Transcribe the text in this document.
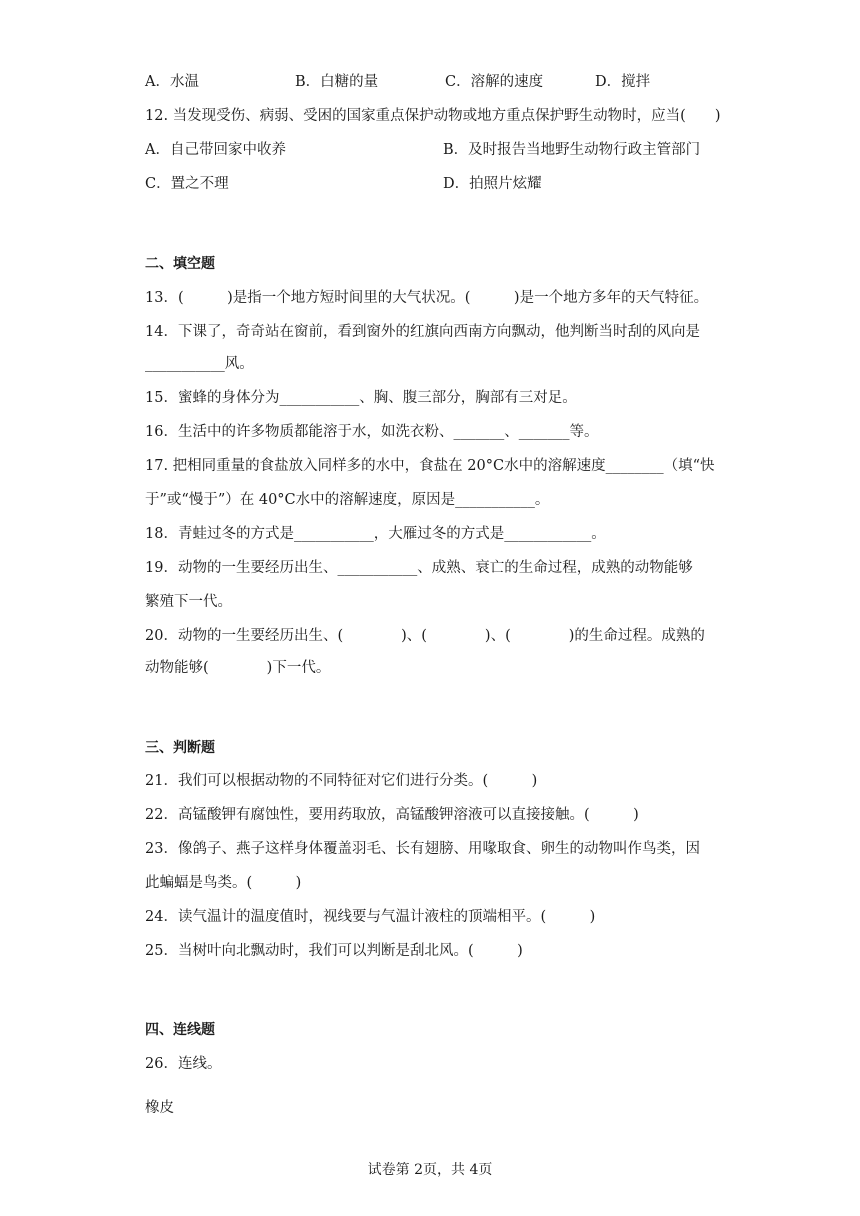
A．水温	B．白糖的量	C．溶解的速度	D．搅拌
12. 当发现受伤、病弱、受困的国家重点保护动物或地方重点保护野生动物时，应当(　　)
A．自己带回家中收养	B．及时报告当地野生动物行政主管部门
C．置之不理	D．拍照片炫耀
二、填空题
13．(　　　)是指一个地方短时间里的大气状况。(　　　)是一个地方多年的天气特征。
14．下课了，奇奇站在窗前，看到窗外的红旗向西南方向飘动，他判断当时刮的风向是
___________风。
15．蜜蜂的身体分为___________、胸、腹三部分，胸部有三对足。
16．生活中的许多物质都能溶于水，如洗衣粉、_______、_______等。
17. 把相同重量的食盐放入同样多的水中，食盐在 20°C水中的溶解速度________（填“快
于”或“慢于”）在 40°C水中的溶解速度，原因是___________。
18．青蛙过冬的方式是___________，大雁过冬的方式是____________。
19．动物的一生要经历出生、___________、成熟、衰亡的生命过程，成熟的动物能够
繁殖下一代。
20．动物的一生要经历出生、(　　　　)、(　　　　)、(　　　　)的生命过程。成熟的
动物能够(　　　　)下一代。
三、判断题
21．我们可以根据动物的不同特征对它们进行分类。(　　　)
22．高锰酸钾有腐蚀性，要用药取放，高锰酸钾溶液可以直接接触。(　　　)
23．像鸽子、燕子这样身体覆盖羽毛、长有翅膀、用喙取食、卵生的动物叫作鸟类，因
此蝙蝠是鸟类。(　　　)
24．读气温计的温度值时，视线要与气温计液柱的顶端相平。(　　　)
25．当树叶向北飘动时，我们可以判断是刮北风。(　　　)
四、连线题
26．连线。
橡皮
试卷第 2页，共 4页
